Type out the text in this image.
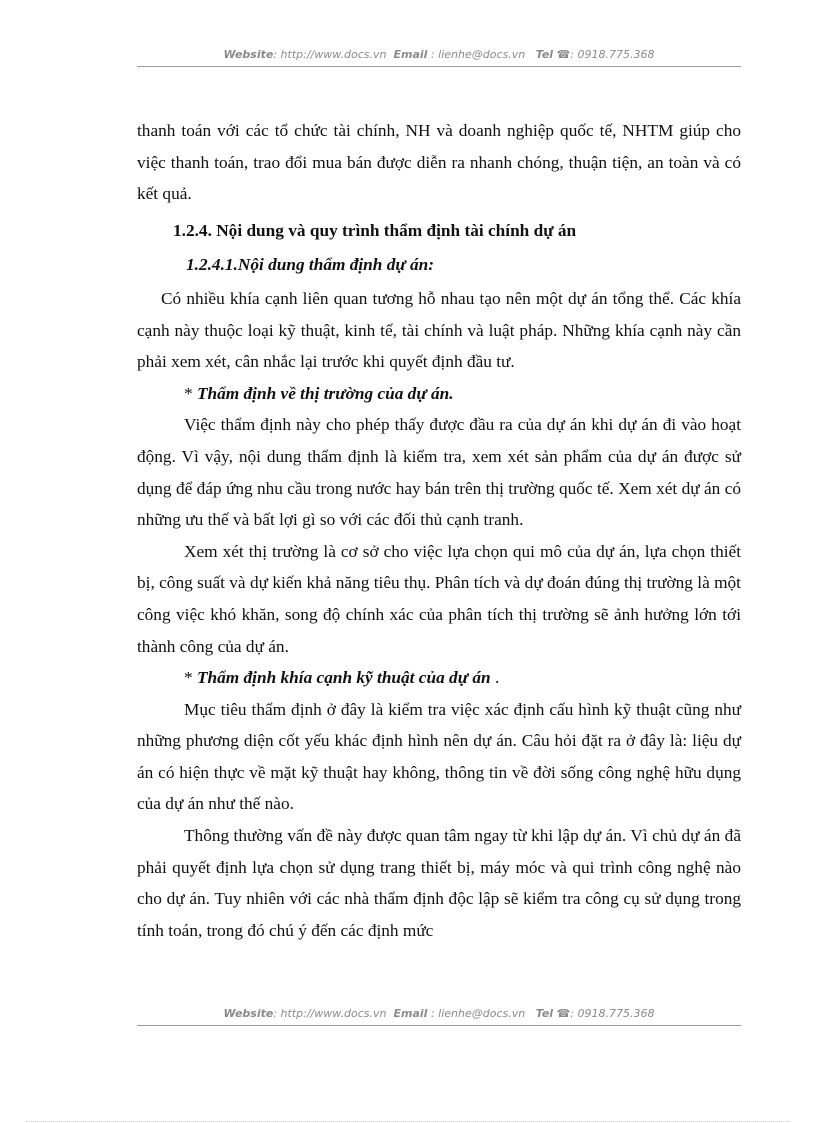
Website: http://www.docs.vn Email : lienhe@docs.vn Tel ☎: 0918.775.368

thanh toán với các tổ chức tài chính, NH và doanh nghiệp quốc tế, NHTM giúp cho việc thanh toán, trao đổi mua bán được diễn ra nhanh chóng, thuận tiện, an toàn và có kết quả.

1.2.4. Nội dung và quy trình thẩm định tài chính dự án

1.2.4.1.Nội dung thẩm định dự án:

Có nhiều khía cạnh liên quan tương hỗ nhau tạo nên một dự án tổng thể. Các khía cạnh này thuộc loại kỹ thuật, kinh tế, tài chính và luật pháp. Những khía cạnh này cần phải xem xét, cân nhắc lại trước khi quyết định đầu tư.

* Thẩm định về thị trường của dự án.

Việc thẩm định này cho phép thấy được đầu ra của dự án khi dự án đi vào hoạt động. Vì vậy, nội dung thẩm định là kiểm tra, xem xét sản phẩm của dự án được sử dụng để đáp ứng nhu cầu trong nước hay bán trên thị trường quốc tế. Xem xét dự án có những ưu thế và bất lợi gì so với các đối thủ cạnh tranh.

Xem xét thị trường là cơ sở cho việc lựa chọn qui mô của dự án, lựa chọn thiết bị, công suất và dự kiến khả năng tiêu thụ. Phân tích và dự đoán đúng thị trường là một công việc khó khăn, song độ chính xác của phân tích thị trường sẽ ảnh hưởng lớn tới thành công của dự án.

* Thẩm định khía cạnh kỹ thuật của dự án .

Mục tiêu thẩm định ở đây là kiểm tra việc xác định cấu hình kỹ thuật cũng như những phương diện cốt yếu khác định hình nên dự án. Câu hỏi đặt ra ở đây là: liệu dự án có hiện thực về mặt kỹ thuật hay không, thông tin về đời sống công nghệ hữu dụng của dự án như thế nào.

Thông thường vấn đề này được quan tâm ngay từ khi lập dự án. Vì chủ dự án đã phải quyết định lựa chọn sử dụng trang thiết bị, máy móc và qui trình công nghệ nào cho dự án. Tuy nhiên với các nhà thẩm định độc lập sẽ kiểm tra công cụ sử dụng trong tính toán, trong đó chú ý đến các định mức

Website: http://www.docs.vn Email : lienhe@docs.vn Tel ☎: 0918.775.368
